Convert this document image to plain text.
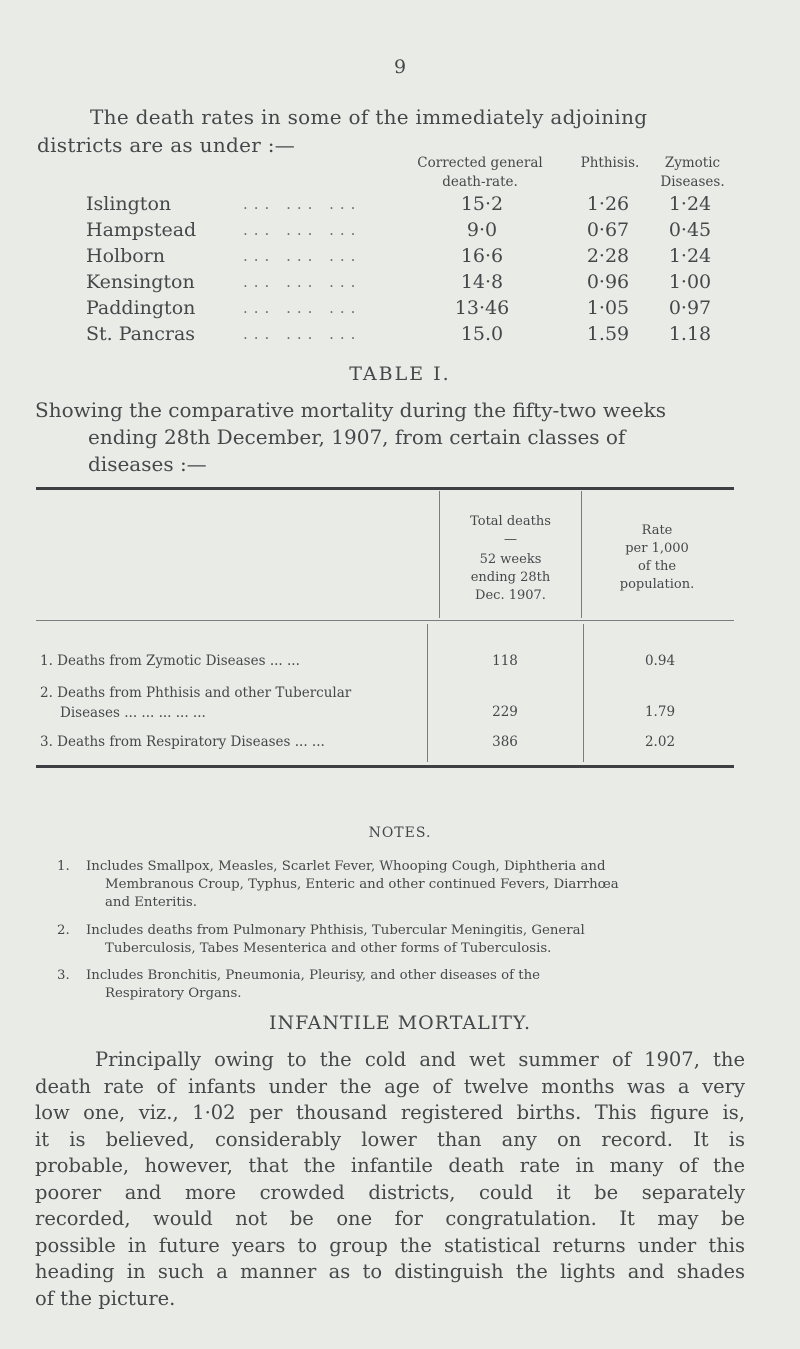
9
The death rates in some of the immediately adjoining
districts are as under :—
Corrected general
death-rate.
Phthisis.	Zymotic
Diseases.
Islington	... ... ...	15·2	1·26	1·24
Hampstead	... ... ...	9·0	0·67	0·45
Holborn	... ... ...	16·6	2·28	1·24
Kensington	... ... ...	14·8	0·96	1·00
Paddington	... ... ...	13·46	1·05	0·97
St. Pancras	... ... ...	15.0	1.59	1.18
TABLE I.
Showing the comparative mortality during the fifty-two weeks
ending 28th December, 1907, from certain classes of
diseases :—
Total deaths
—
52 weeks
ending 28th
Dec. 1907.
Rate
per 1,000
of the
population.
1. Deaths from Zymotic Diseases ... ...	118	0.94
2. Deaths from Phthisis and other Tubercular
Diseases ... ... ... ... ...	229	1.79
3. Deaths from Respiratory Diseases ... ...	386	2.02
NOTES.
1.	Includes Smallpox, Measles, Scarlet Fever, Whooping Cough, Diphtheria and
Membranous Croup, Typhus, Enteric and other continued Fevers, Diarrhœa
and Enteritis.
2.	Includes deaths from Pulmonary Phthisis, Tubercular Meningitis, General
Tuberculosis, Tabes Mesenterica and other forms of Tuberculosis.
3.	Includes Bronchitis, Pneumonia, Pleurisy, and other diseases of the
Respiratory Organs.
INFANTILE MORTALITY.
Principally owing to the cold and wet summer of 1907, the
death rate of infants under the age of twelve months was a very
low one, viz., 1·02 per thousand registered births. This figure is,
it is believed, considerably lower than any on record. It is
probable, however, that the infantile death rate in many of the
poorer and more crowded districts, could it be separately
recorded, would not be one for congratulation. It may be
possible in future years to group the statistical returns under this
heading in such a manner as to distinguish the lights and shades
of the picture.
